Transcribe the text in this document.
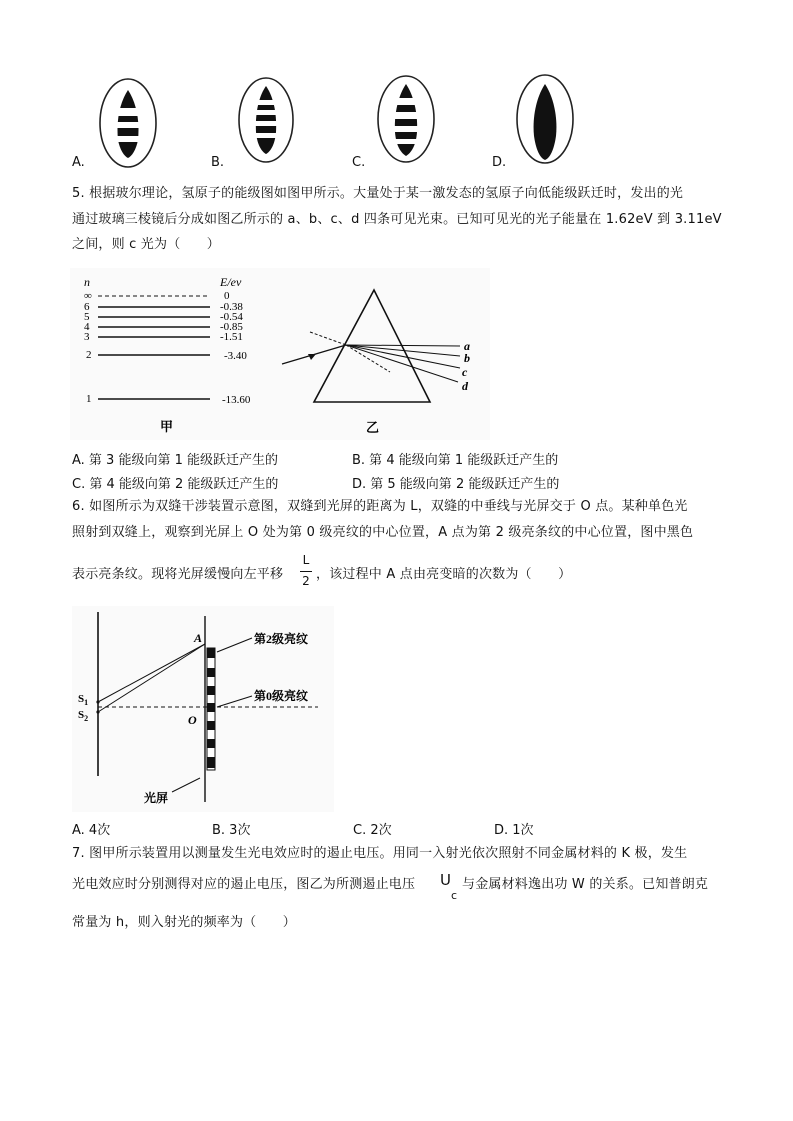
A.	B.	C.	D.
5. 根据玻尔理论，氢原子的能级图如图甲所示。大量处于某一激发态的氢原子向低能级跃迁时，发出的光
通过玻璃三棱镜后分成如图乙所示的 a、b、c、d 四条可见光束。已知可见光的光子能量在 1.62eV 到 3.11eV
之间，则 c 光为（　　）
n	E/ev
∞	0
6	-0.38
5	-0.54
4	-0.85
3	-1.51
2	-3.40
1	-13.60
甲
a
b
c
d
乙
A. 第 3 能级向第 1 能级跃迁产生的	B. 第 4 能级向第 1 能级跃迁产生的
C. 第 4 能级向第 2 能级跃迁产生的	D. 第 5 能级向第 2 能级跃迁产生的
6. 如图所示为双缝干涉装置示意图，双缝到光屏的距离为 L，双缝的中垂线与光屏交于 O 点。某种单色光
照射到双缝上，观察到光屏上 O 处为第 0 级亮纹的中心位置，A 点为第 2 级亮条纹的中心位置，图中黑色
表示亮条纹。现将光屏缓慢向左平移
L
2 ，该过程中 A 点由亮变暗的次数为（　　）
A
O
$S_1$
$S_2$
第2级亮纹
第0级亮纹
光屏
A. 4次	B. 3次	C. 2次	D. 1次
7. 图甲所示装置用以测量发生光电效应时的遏止电压。用同一入射光依次照射不同金属材料的 K 极，发生
光电效应时分别测得对应的遏止电压，图乙为所测遏止电压 U
c
与金属材料逸出功 W 的关系。已知普朗克
常量为 h，则入射光的频率为（　　）
